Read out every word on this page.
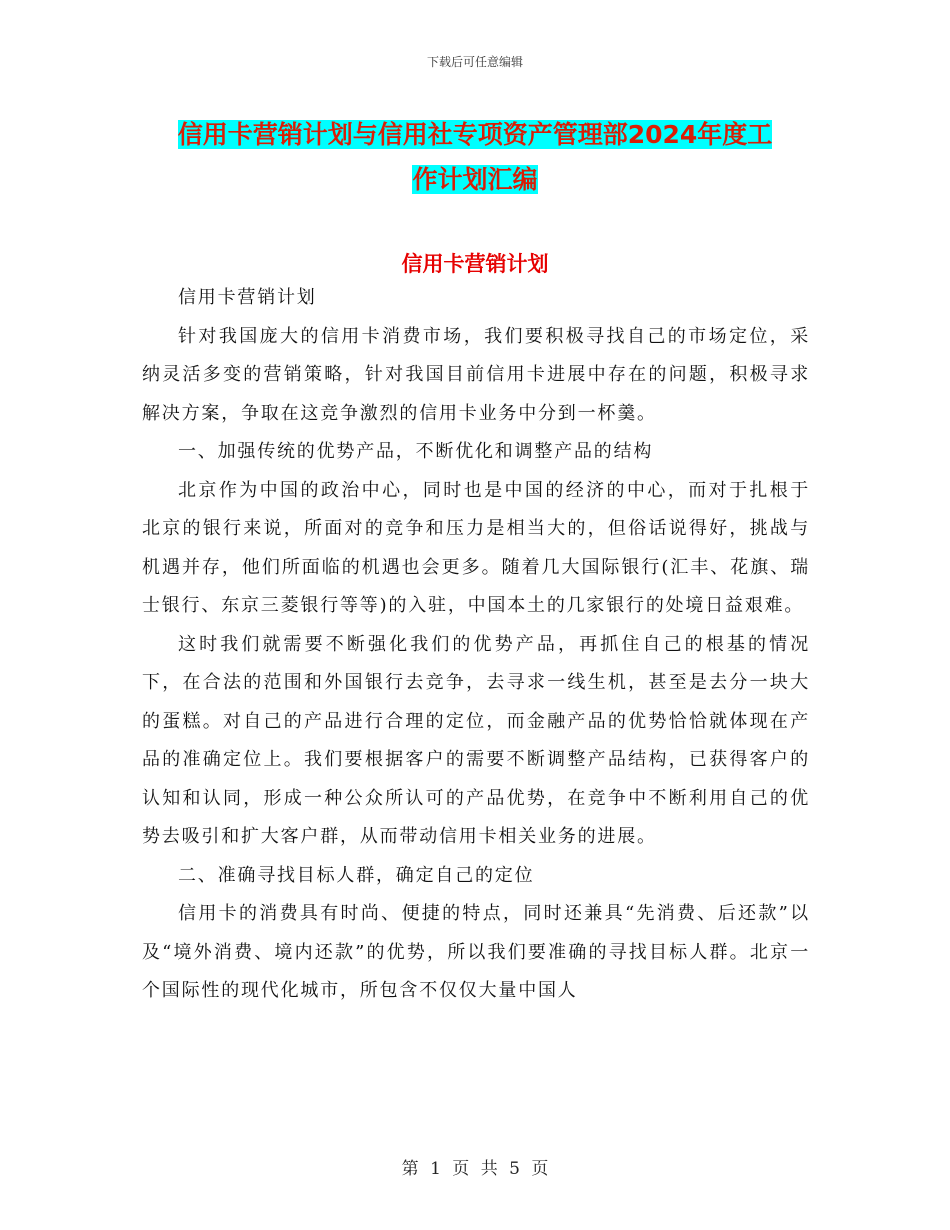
下载后可任意编辑
信用卡营销计划与信用社专项资产管理部2024年度工
作计划汇编
信用卡营销计划

信用卡营销计划

针对我国庞大的信用卡消费市场，我们要积极寻找自己的市场定位，采纳灵活多变的营销策略，针对我国目前信用卡进展中存在的问题，积极寻求解决方案，争取在这竞争激烈的信用卡业务中分到一杯羹。

一、加强传统的优势产品，不断优化和调整产品的结构

北京作为中国的政治中心，同时也是中国的经济的中心，而对于扎根于北京的银行来说，所面对的竞争和压力是相当大的，但俗话说得好，挑战与机遇并存，他们所面临的机遇也会更多。随着几大国际银行(汇丰、花旗、瑞士银行、东京三菱银行等等)的入驻，中国本土的几家银行的处境日益艰难。

这时我们就需要不断强化我们的优势产品，再抓住自己的根基的情况下，在合法的范围和外国银行去竞争，去寻求一线生机，甚至是去分一块大的蛋糕。对自己的产品进行合理的定位，而金融产品的优势恰恰就体现在产品的准确定位上。我们要根据客户的需要不断调整产品结构，已获得客户的认知和认同，形成一种公众所认可的产品优势，在竞争中不断利用自己的优势去吸引和扩大客户群，从而带动信用卡相关业务的进展。

二、准确寻找目标人群，确定自己的定位

信用卡的消费具有时尚、便捷的特点，同时还兼具“先消费、后还款”以及“境外消费、境内还款”的优势，所以我们要准确的寻找目标人群。北京一个国际性的现代化城市，所包含不仅仅大量中国人

第 1 页 共 5 页
